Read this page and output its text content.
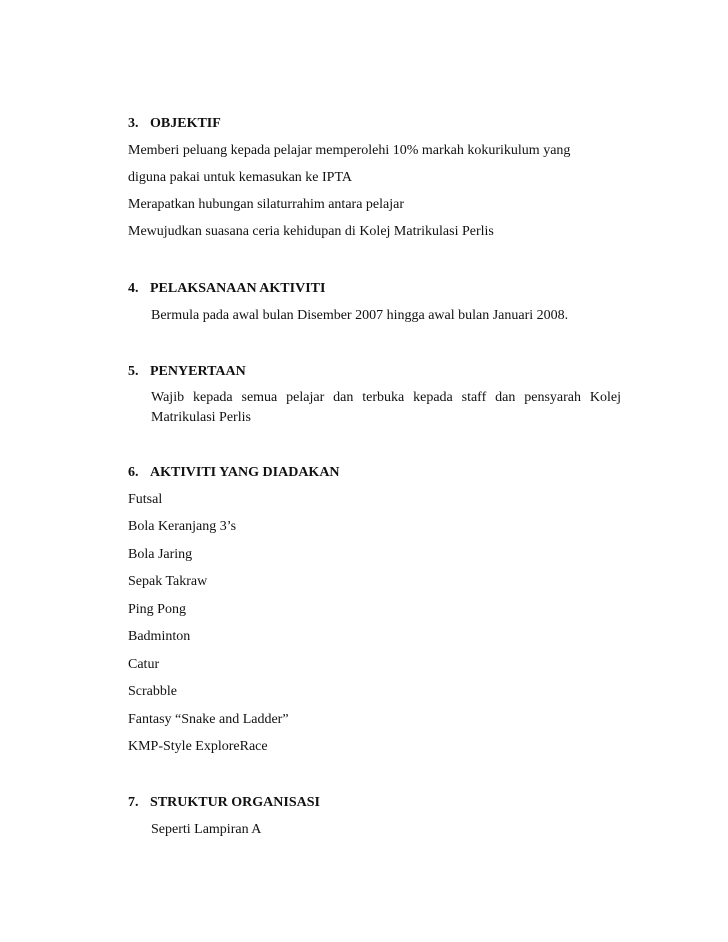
3. OBJEKTIF
Memberi peluang kepada pelajar memperolehi 10% markah kokurikulum yang
diguna pakai untuk kemasukan ke IPTA
Merapatkan hubungan silaturrahim antara pelajar
Mewujudkan suasana ceria kehidupan di Kolej Matrikulasi Perlis
4. PELAKSANAAN AKTIVITI
Bermula pada awal bulan Disember 2007 hingga awal bulan Januari 2008.
5. PENYERTAAN
Wajib kepada semua pelajar dan terbuka kepada staff dan pensyarah Kolej Matrikulasi Perlis
6. AKTIVITI YANG DIADAKAN
Futsal
Bola Keranjang 3’s
Bola Jaring
Sepak Takraw
Ping Pong
Badminton
Catur
Scrabble
Fantasy “Snake and Ladder”
KMP-Style ExploreRace
7. STRUKTUR ORGANISASI
Seperti Lampiran A
